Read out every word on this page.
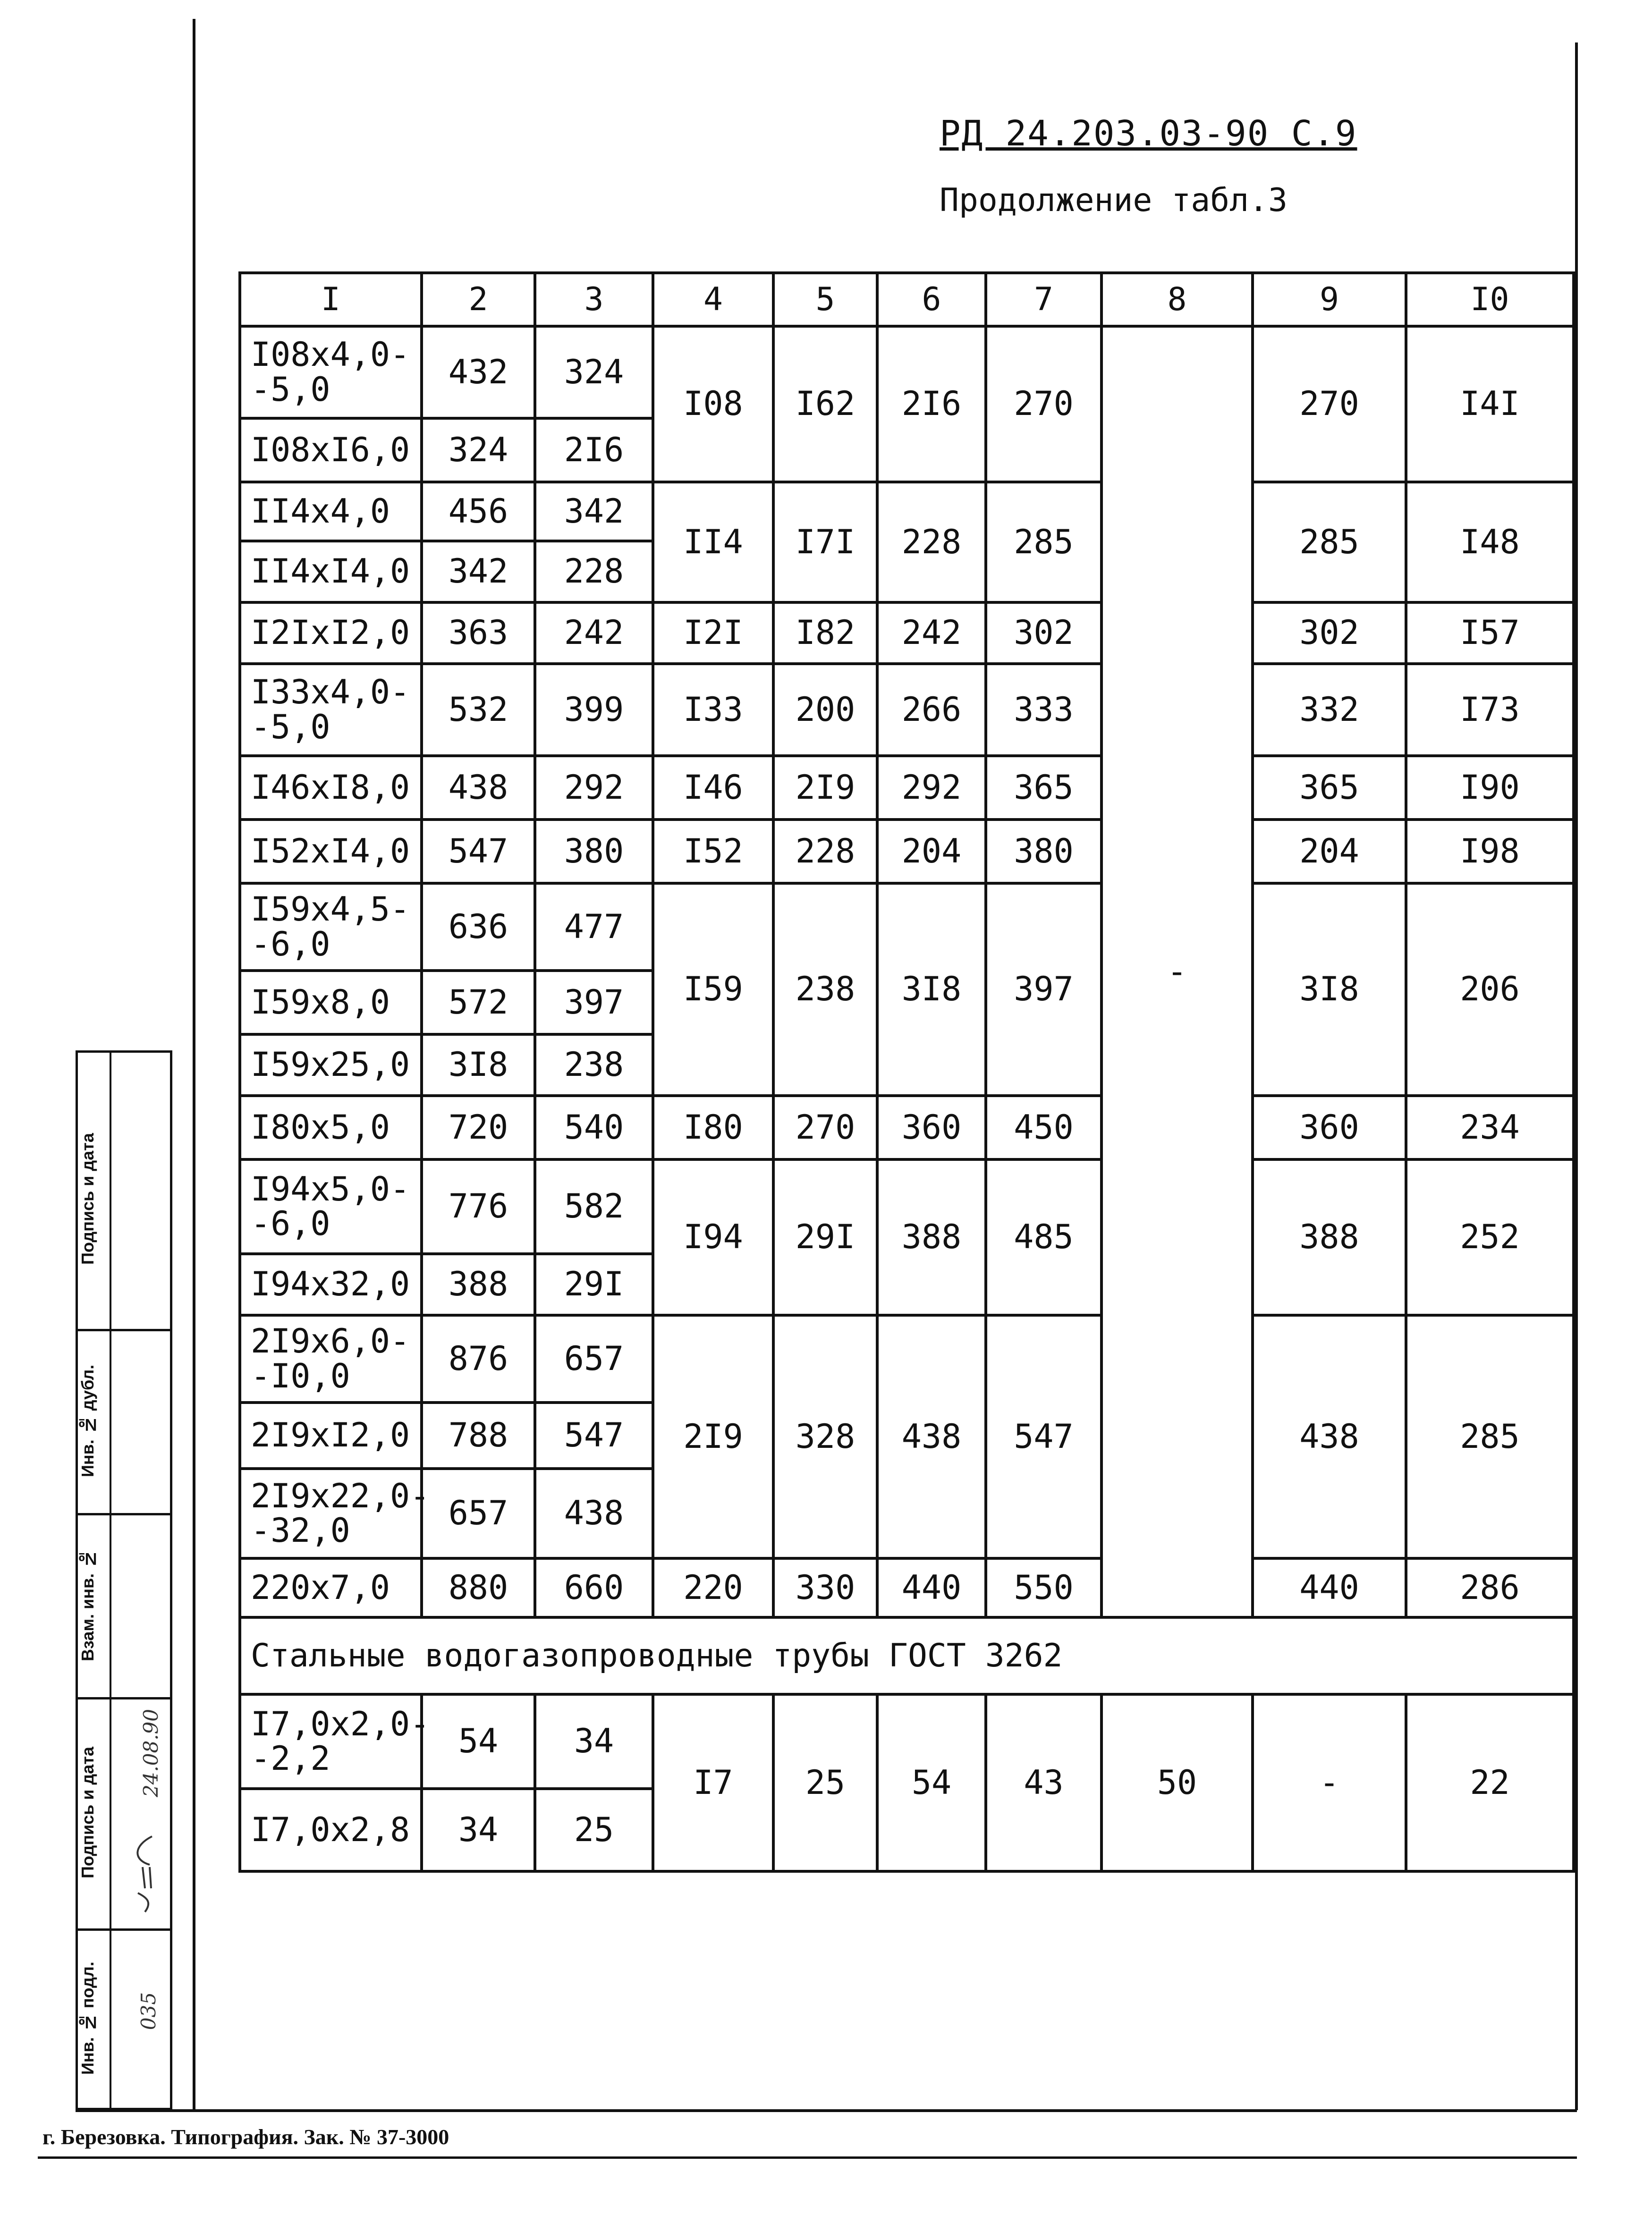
РД 24.203.03-90 С.9
Продолжение табл.3
I	2	3	4	5	6	7	8	9	I0
I08x4,0-
-5,0	432	324	I08	I62	2I6	270	-	270	I4I
I08xI6,0	324	2I6							
II4x4,0	456	342	II4	I7I	228	285		285	I48
II4xI4,0	342	228							
I2IxI2,0	363	242	I2I	I82	242	302		302	I57
I33x4,0-
-5,0	532	399	I33	200	266	333		332	I73
I46xI8,0	438	292	I46	2I9	292	365		365	I90
I52xI4,0	547	380	I52	228	204	380		204	I98
I59x4,5-
-6,0	636	477	I59	238	3I8	397		3I8	206
I59x8,0	572	397							
I59x25,0	3I8	238							
I80x5,0	720	540	I80	270	360	450		360	234
I94x5,0-
-6,0	776	582	I94	29I	388	485		388	252
I94x32,0	388	29I							
2I9x6,0-
-I0,0	876	657	2I9	328	438	547		438	285
2I9xI2,0	788	547							
2I9x22,0-
-32,0	657	438							
220x7,0	880	660	220	330	440	550		440	286
Стальные водогазопроводные трубы ГОСТ 3262									
I7,0x2,0-
-2,2	54	34	I7	25	54	43	50	-	22
I7,0x2,8	34	25							
Подпись и дата
Инв. № дубл.
Взам. инв. №
Подпись и дата
Инв. № подл.
24.08.90
035
г. Березовка. Типография. Зак. № 37-3000
